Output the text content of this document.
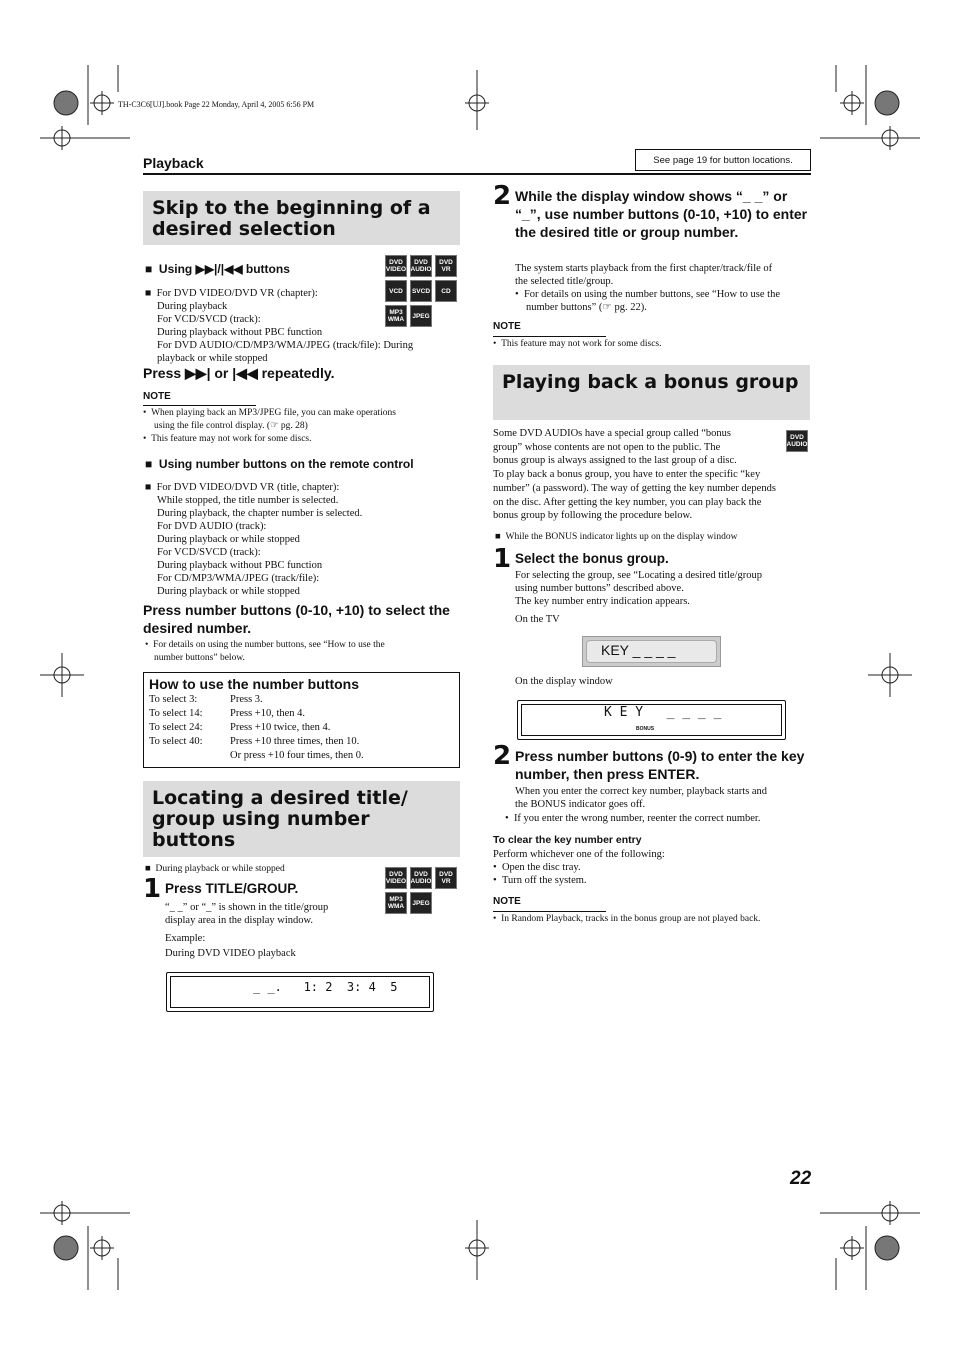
TH-C3C6[UJ].book Page 22 Monday, April 4, 2005 6:56 PM
Playback	See page 19 for button locations.
Skip to the beginning of a desired selection
■  Using ▶▶|/|◀◀ buttons	DVD VIDEO
DVD AUDIO
DVD VR
VCD	SVCD	CD
MP3 WMA	JPEG
■  For DVD VIDEO/DVD VR (chapter):
During playback
For VCD/SVCD (track):
During playback without PBC function
For DVD AUDIO/CD/MP3/WMA/JPEG (track/file): During
playback or while stopped
Press ▶▶| or |◀◀ repeatedly.
NOTE
•  When playing back an MP3/JPEG file, you can make operations
using the file control display. (☞ pg. 28)
•  This feature may not work for some discs.
■  Using number buttons on the remote control
■  For DVD VIDEO/DVD VR (title, chapter):
While stopped, the title number is selected.
During playback, the chapter number is selected.
For DVD AUDIO (track):
During playback or while stopped
For VCD/SVCD (track):
During playback without PBC function
For CD/MP3/WMA/JPEG (track/file):
During playback or while stopped
Press number buttons (0-10, +10) to select the desired number.
•  For details on using the number buttons, see “How to use the
number buttons” below.
How to use the number buttons
To select 3:	Press 3.
To select 14:	Press +10, then 4.
To select 24:	Press +10 twice, then 4.
To select 40:	Press +10 three times, then 10.
	Or press +10 four times, then 0.
Locating a desired title/ group using number buttons
■  During playback or while stopped
DVD VIDEO
DVD AUDIO
DVD VR
MP3 WMA	JPEG
1 Press TITLE/GROUP.
“_ _” or “_” is shown in the title/group
display area in the display window.
Example:
During DVD VIDEO playback
_ _.   1: 2  3: 4  5
2 While the display window shows “_ _” or “_”, use number buttons (0-10, +10) to enter the desired title or group number.
The system starts playback from the first chapter/track/file of
the selected title/group.
•  For details on using the number buttons, see “How to use the
number buttons” (☞ pg. 22).
NOTE
•  This feature may not work for some discs.
Playing back a bonus group
DVD AUDIO
Some DVD AUDIOs have a special group called “bonus
group” whose contents are not open to the public. The
bonus group is always assigned to the last group of a disc.
To play back a bonus group, you have to enter the specific “key
number” (a password). The way of getting the key number depends
on the disc. After getting the key number, you can play back the
bonus group by following the procedure below.
■  While the BONUS indicator lights up on the display window
1 Select the bonus group.
For selecting the group, see “Locating a desired title/group
using number buttons” described above.
The key number entry indication appears.
On the TV
KEY _ _ _ _
On the display window
K E Y   _ _ _ _
BONUS
2 Press number buttons (0-9) to enter the key number, then press ENTER.
When you enter the correct key number, playback starts and
the BONUS indicator goes off.
•  If you enter the wrong number, reenter the correct number.
To clear the key number entry
Perform whichever one of the following:
•  Open the disc tray.
•  Turn off the system.
NOTE
•  In Random Playback, tracks in the bonus group are not played back.
22
